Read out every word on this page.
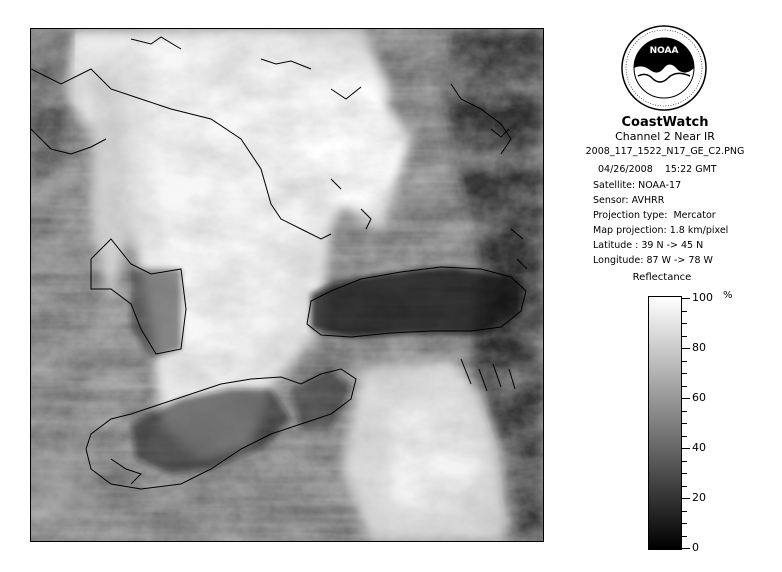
NOAA
CoastWatch
Channel 2 Near IR
2008_117_1522_N17_GE_C2.PNG
04/26/2008    15:22 GMT
Satellite: NOAA-17
Sensor: AVHRR
Projection type:  Mercator
Map projection: 1.8 km/pixel
Latitude : 39 N -> 45 N
Longitude: 87 W -> 78 W
Reflectance
%
100
80
60
40
20
0
